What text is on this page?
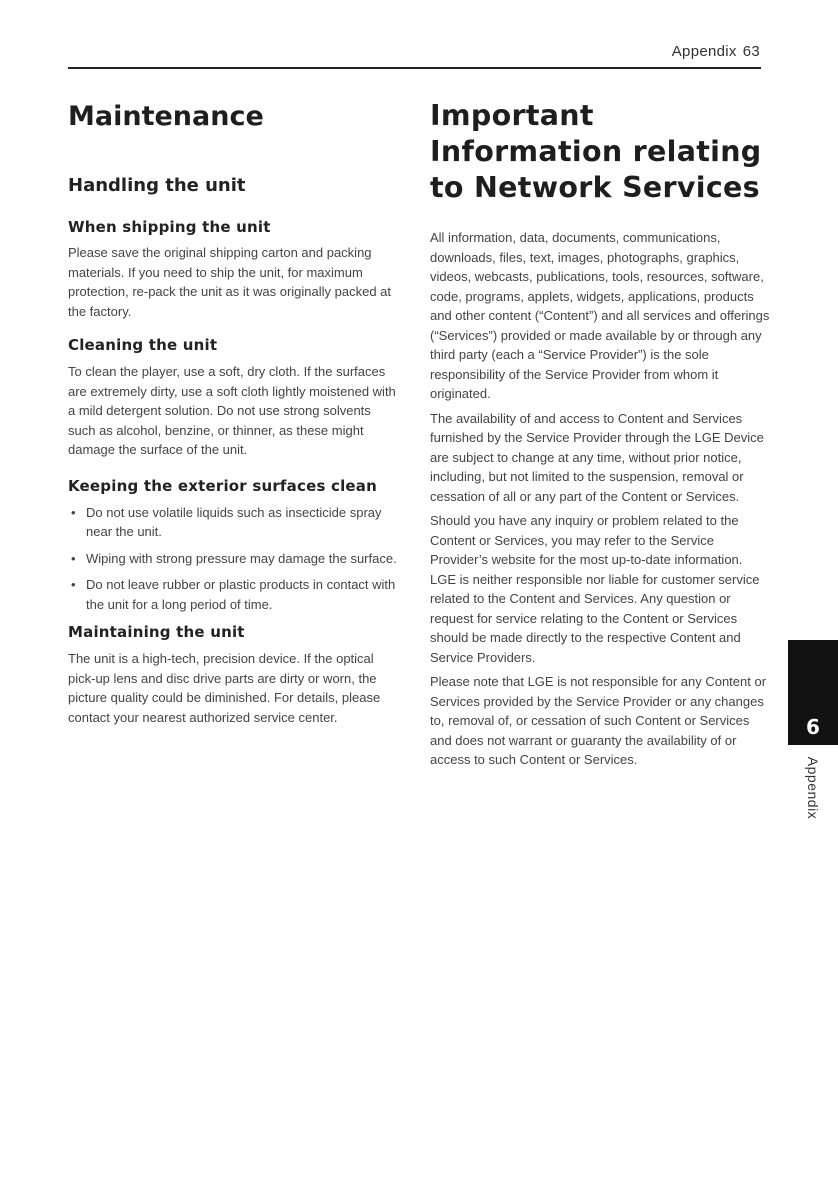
Appendix 63
Maintenance
Handling the unit
When shipping the unit

Please save the original shipping carton and packing materials. If you need to ship the unit, for maximum protection, re-pack the unit as it was originally packed at the factory.

Cleaning the unit

To clean the player, use a soft, dry cloth. If the surfaces are extremely dirty, use a soft cloth lightly moistened with a mild detergent solution. Do not use strong solvents such as alcohol, benzine, or thinner, as these might damage the surface of the unit.

Keeping the exterior surfaces clean
• Do not use volatile liquids such as insecticide spray near the unit.
• Wiping with strong pressure may damage the surface.
• Do not leave rubber or plastic products in contact with the unit for a long period of time.
Maintaining the unit

The unit is a high-tech, precision device. If the optical pick-up lens and disc drive parts are dirty or worn, the picture quality could be diminished. For details, please contact your nearest authorized service center.

Important Information relating to Network Services

All information, data, documents, communications, downloads, files, text, images, photographs, graphics, videos, webcasts, publications, tools, resources, software, code, programs, applets, widgets, applications, products and other content (“Content”) and all services and offerings (“Services”) provided or made available by or through any third party (each a “Service Provider”) is the sole responsibility of the Service Provider from whom it originated.

The availability of and access to Content and Services furnished by the Service Provider through the LGE Device are subject to change at any time, without prior notice, including, but not limited to the suspension, removal or cessation of all or any part of the Content or Services.

Should you have any inquiry or problem related to the Content or Services, you may refer to the Service Provider’s website for the most up-to-date information. LGE is neither responsible nor liable for customer service related to the Content and Services. Any question or request for service relating to the Content or Services should be made directly to the respective Content and Service Providers.

Please note that LGE is not responsible for any Content or Services provided by the Service Provider or any changes to, removal of, or cessation of such Content or Services and does not warrant or guaranty the availability of or access to such Content or Services.

6
Appendix
